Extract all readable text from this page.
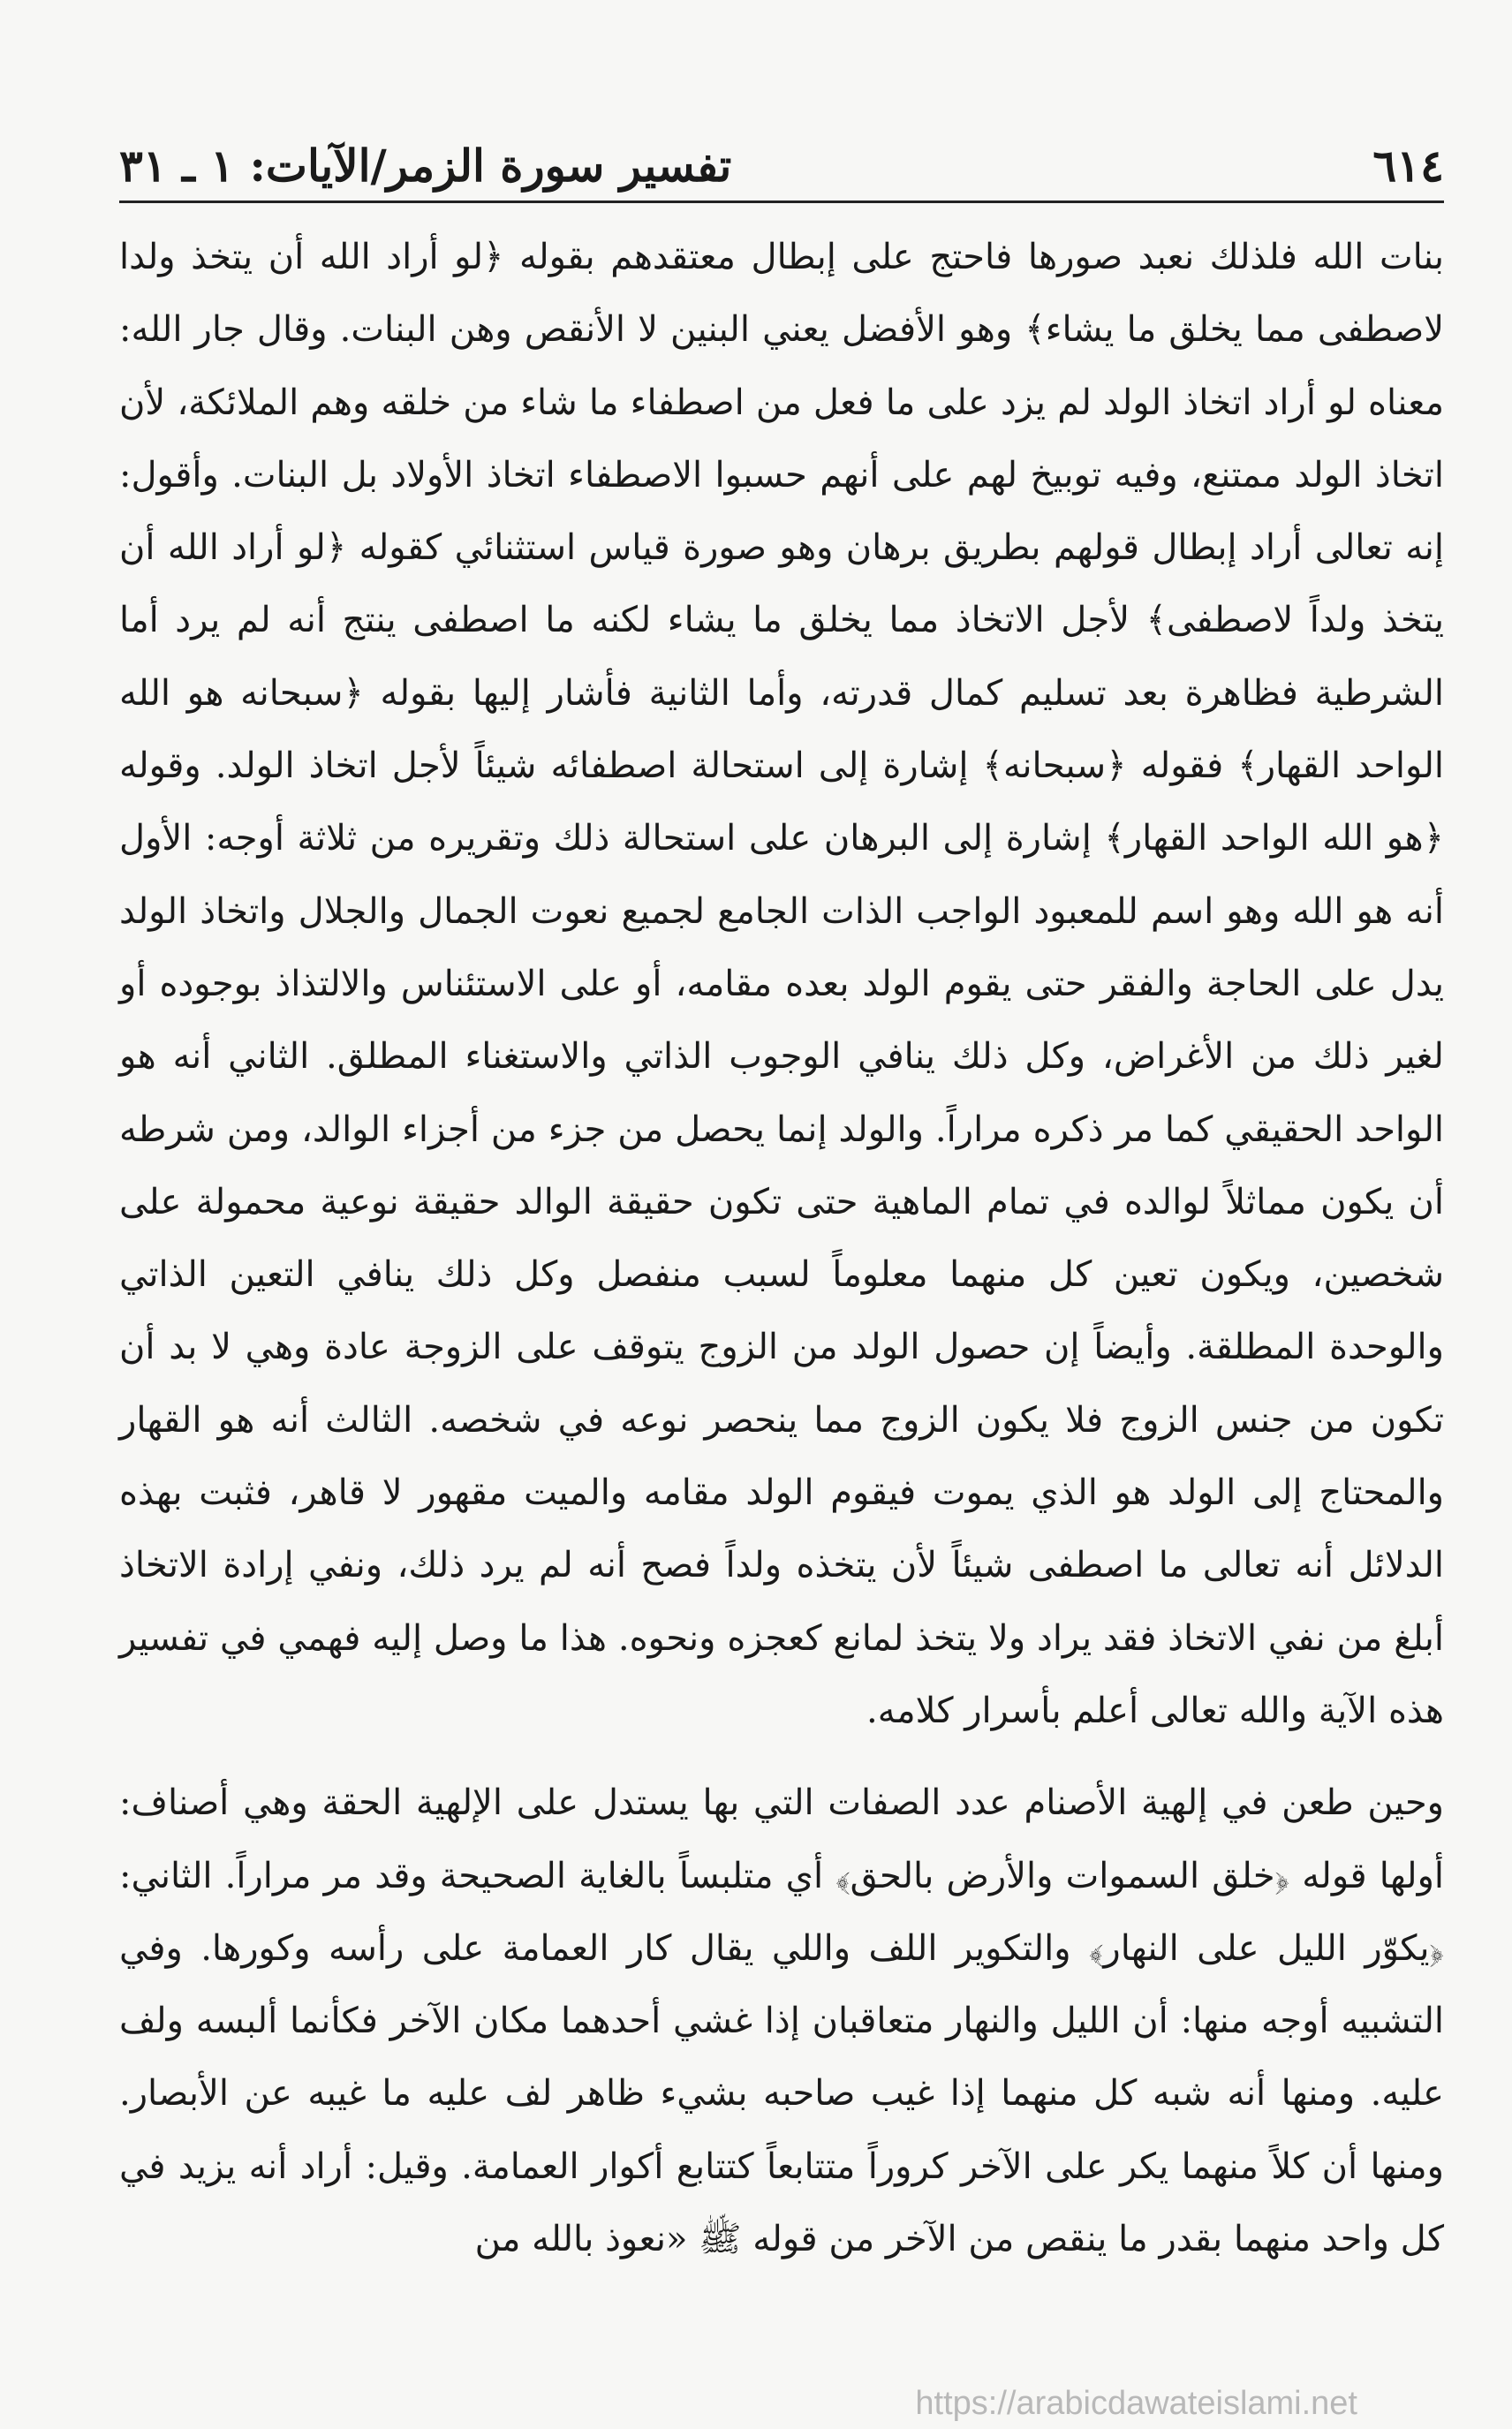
٦١٤
تفسير سورة الزمر/الآيات: ١ ـ ٣١

بنات الله فلذلك نعبد صورها فاحتج على إبطال معتقدهم بقوله ﴿لو أراد الله أن يتخذ ولدا لاصطفى مما يخلق ما يشاء﴾ وهو الأفضل يعني البنين لا الأنقص وهن البنات. وقال جار الله: معناه لو أراد اتخاذ الولد لم يزد على ما فعل من اصطفاء ما شاء من خلقه وهم الملائكة، لأن اتخاذ الولد ممتنع، وفيه توبيخ لهم على أنهم حسبوا الاصطفاء اتخاذ الأولاد بل البنات. وأقول: إنه تعالى أراد إبطال قولهم بطريق برهان وهو صورة قياس استثنائي كقوله ﴿لو أراد الله أن يتخذ ولداً لاصطفى﴾ لأجل الاتخاذ مما يخلق ما يشاء لكنه ما اصطفى ينتج أنه لم يرد أما الشرطية فظاهرة بعد تسليم كمال قدرته، وأما الثانية فأشار إليها بقوله ﴿سبحانه هو الله الواحد القهار﴾ فقوله ﴿سبحانه﴾ إشارة إلى استحالة اصطفائه شيئاً لأجل اتخاذ الولد. وقوله ﴿هو الله الواحد القهار﴾ إشارة إلى البرهان على استحالة ذلك وتقريره من ثلاثة أوجه: الأول أنه هو الله وهو اسم للمعبود الواجب الذات الجامع لجميع نعوت الجمال والجلال واتخاذ الولد يدل على الحاجة والفقر حتى يقوم الولد بعده مقامه، أو على الاستئناس والالتذاذ بوجوده أو لغير ذلك من الأغراض، وكل ذلك ينافي الوجوب الذاتي والاستغناء المطلق. الثاني أنه هو الواحد الحقيقي كما مر ذكره مراراً. والولد إنما يحصل من جزء من أجزاء الوالد، ومن شرطه أن يكون مماثلاً لوالده في تمام الماهية حتى تكون حقيقة الوالد حقيقة نوعية محمولة على شخصين، ويكون تعين كل منهما معلوماً لسبب منفصل وكل ذلك ينافي التعين الذاتي والوحدة المطلقة. وأيضاً إن حصول الولد من الزوج يتوقف على الزوجة عادة وهي لا بد أن تكون من جنس الزوج فلا يكون الزوج مما ينحصر نوعه في شخصه. الثالث أنه هو القهار والمحتاج إلى الولد هو الذي يموت فيقوم الولد مقامه والميت مقهور لا قاهر، فثبت بهذه الدلائل أنه تعالى ما اصطفى شيئاً لأن يتخذه ولداً فصح أنه لم يرد ذلك، ونفي إرادة الاتخاذ أبلغ من نفي الاتخاذ فقد يراد ولا يتخذ لمانع كعجزه ونحوه. هذا ما وصل إليه فهمي في تفسير هذه الآية والله تعالى أعلم بأسرار كلامه.

وحين طعن في إلهية الأصنام عدد الصفات التي بها يستدل على الإلهية الحقة وهي أصناف: أولها قوله ﴿خلق السموات والأرض بالحق﴾ أي متلبساً بالغاية الصحيحة وقد مر مراراً. الثاني: ﴿يكوّر الليل على النهار﴾ والتكوير اللف واللي يقال كار العمامة على رأسه وكورها. وفي التشبيه أوجه منها: أن الليل والنهار متعاقبان إذا غشي أحدهما مكان الآخر فكأنما ألبسه ولف عليه. ومنها أنه شبه كل منهما إذا غيب صاحبه بشيء ظاهر لف عليه ما غيبه عن الأبصار. ومنها أن كلاً منهما يكر على الآخر كروراً متتابعاً كتتابع أكوار العمامة. وقيل: أراد أنه يزيد في كل واحد منهما بقدر ما ينقص من الآخر من قوله ﷺ «نعوذ بالله من

https://arabicdawateislami.net
